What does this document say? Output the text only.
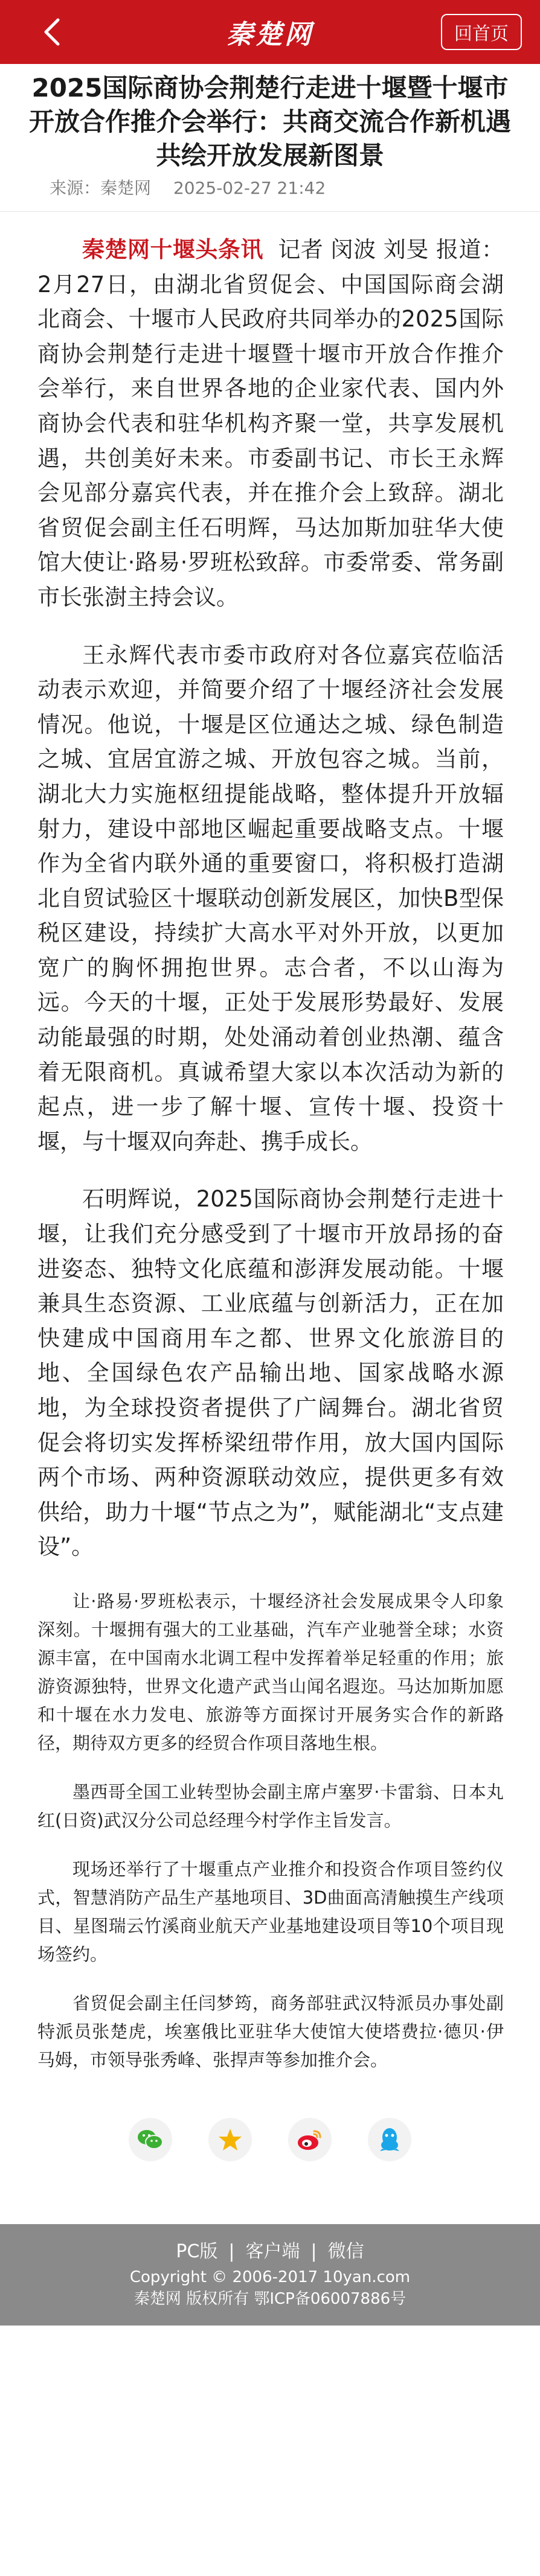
秦楚网	回首页
2025国际商协会荆楚行走进十堰暨十堰市开放合作推介会举行：共商交流合作新机遇 共绘开放发展新图景
来源：秦楚网 2025-02-27 21:42

秦楚网十堰头条讯 记者 闵波 刘旻 报道：2月27日，由湖北省贸促会、中国国际商会湖北商会、十堰市人民政府共同举办的2025国际商协会荆楚行走进十堰暨十堰市开放合作推介会举行，来自世界各地的企业家代表、国内外商协会代表和驻华机构齐聚一堂，共享发展机遇，共创美好未来。市委副书记、市长王永辉会见部分嘉宾代表，并在推介会上致辞。湖北省贸促会副主任石明辉，马达加斯加驻华大使馆大使让·路易·罗班松致辞。市委常委、常务副市长张澍主持会议。

王永辉代表市委市政府对各位嘉宾莅临活动表示欢迎，并简要介绍了十堰经济社会发展情况。他说，十堰是区位通达之城、绿色制造之城、宜居宜游之城、开放包容之城。当前，湖北大力实施枢纽提能战略，整体提升开放辐射力，建设中部地区崛起重要战略支点。十堰作为全省内联外通的重要窗口，将积极打造湖北自贸试验区十堰联动创新发展区，加快B型保税区建设，持续扩大高水平对外开放，以更加宽广的胸怀拥抱世界。志合者，不以山海为远。今天的十堰，正处于发展形势最好、发展动能最强的时期，处处涌动着创业热潮、蕴含着无限商机。真诚希望大家以本次活动为新的起点，进一步了解十堰、宣传十堰、投资十堰，与十堰双向奔赴、携手成长。

石明辉说，2025国际商协会荆楚行走进十堰，让我们充分感受到了十堰市开放昂扬的奋进姿态、独特文化底蕴和澎湃发展动能。十堰兼具生态资源、工业底蕴与创新活力，正在加快建成中国商用车之都、世界文化旅游目的地、全国绿色农产品输出地、国家战略水源地，为全球投资者提供了广阔舞台。湖北省贸促会将切实发挥桥梁纽带作用，放大国内国际两个市场、两种资源联动效应，提供更多有效供给，助力十堰“节点之为”，赋能湖北“支点建设”。

让·路易·罗班松表示，十堰经济社会发展成果令人印象深刻。十堰拥有强大的工业基础，汽车产业驰誉全球；水资源丰富，在中国南水北调工程中发挥着举足轻重的作用；旅游资源独特，世界文化遗产武当山闻名遐迩。马达加斯加愿和十堰在水力发电、旅游等方面探讨开展务实合作的新路径，期待双方更多的经贸合作项目落地生根。

墨西哥全国工业转型协会副主席卢塞罗·卡雷翁、日本丸红(日资)武汉分公司总经理今村学作主旨发言。

现场还举行了十堰重点产业推介和投资合作项目签约仪式，智慧消防产品生产基地项目、3D曲面高清触摸生产线项目、星图瑞云竹溪商业航天产业基地建设项目等10个项目现场签约。

省贸促会副主任闫梦筠，商务部驻武汉特派员办事处副特派员张楚虎，埃塞俄比亚驻华大使馆大使塔费拉·德贝·伊马姆，市领导张秀峰、张捍声等参加推介会。

PC版 | 客户端 | 微信
Copyright © 2006-2017 10yan.com
秦楚网 版权所有 鄂ICP备06007886号
